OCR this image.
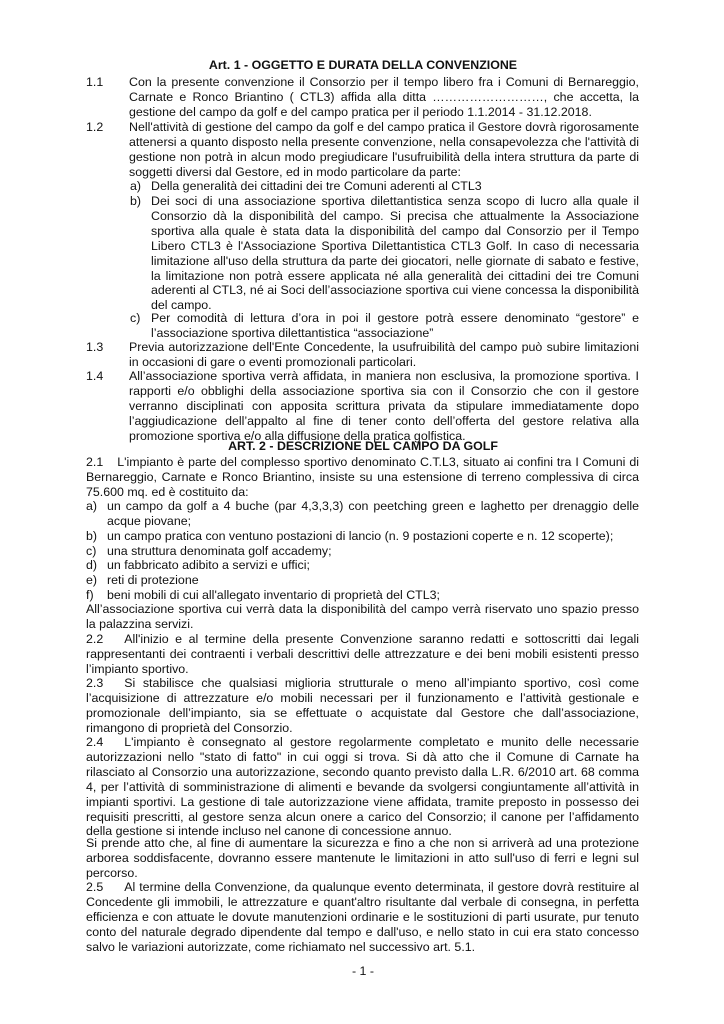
Art. 1 - OGGETTO E DURATA DELLA CONVENZIONE
1.1 Con la presente convenzione il Consorzio per il tempo libero fra i Comuni di Bernareggio, Carnate e Ronco Briantino ( CTL3) affida alla ditta ………………………, che accetta, la gestione del campo da golf e del campo pratica per il periodo 1.1.2014 - 31.12.2018.
1.2 Nell'attività di gestione del campo da golf e del campo pratica il Gestore dovrà rigorosamente attenersi a quanto disposto nella presente convenzione, nella consapevolezza che l'attività di gestione non potrà in alcun modo pregiudicare l'usufruibilità della intera struttura da parte di soggetti diversi dal Gestore, ed in modo particolare da parte:
a) Della generalità dei cittadini dei tre Comuni aderenti al CTL3
b) Dei soci di una associazione sportiva dilettantistica senza scopo di lucro alla quale il Consorzio dà la disponibilità del campo. Si precisa che attualmente la Associazione sportiva alla quale è stata data la disponibilità del campo dal Consorzio per il Tempo Libero CTL3 è l'Associazione Sportiva Dilettantistica CTL3 Golf. In caso di necessaria limitazione all'uso della struttura da parte dei giocatori, nelle giornate di sabato e festive, la limitazione non potrà essere applicata né alla generalità dei cittadini dei tre Comuni aderenti al CTL3, né ai Soci dell’associazione sportiva cui viene concessa la disponibilità del campo.
c) Per comodità di lettura d’ora in poi il gestore potrà essere denominato “gestore” e l’associazione sportiva dilettantistica “associazione”
1.3 Previa autorizzazione dell'Ente Concedente, la usufruibilità del campo può subire limitazioni in occasioni di gare o eventi promozionali particolari.
1.4 All’associazione sportiva verrà affidata, in maniera non esclusiva, la promozione sportiva. I rapporti e/o obblighi della associazione sportiva sia con il Consorzio che con il gestore verranno disciplinati con apposita scrittura privata da stipulare immediatamente dopo l’aggiudicazione dell’appalto al fine di tener conto dell’offerta del gestore relativa alla promozione sportiva e/o alla diffusione della pratica golfistica.
ART. 2 - DESCRIZIONE DEL CAMPO DA GOLF
2.1 L'impianto è parte del complesso sportivo denominato C.T.L3, situato ai confini tra I Comuni di Bernareggio, Carnate e Ronco Briantino, insiste su una estensione di terreno complessiva di circa 75.600 mq. ed è costituito da:
a) un campo da golf a 4 buche (par 4,3,3,3) con peetching green e laghetto per drenaggio delle acque piovane;
b) un campo pratica con ventuno postazioni di lancio (n. 9 postazioni coperte e n. 12 scoperte);
c) una struttura denominata golf accademy;
d) un fabbricato adibito a servizi e uffici;
e) reti di protezione
f) beni mobili di cui all'allegato inventario di proprietà del CTL3;
All’associazione sportiva cui verrà data la disponibilità del campo verrà riservato uno spazio presso la palazzina servizi.
2.2 All'inizio e al termine della presente Convenzione saranno redatti e sottoscritti dai legali rappresentanti dei contraenti i verbali descrittivi delle attrezzature e dei beni mobili esistenti presso l’impianto sportivo.
2.3 Si stabilisce che qualsiasi miglioria strutturale o meno all’impianto sportivo, così come l’acquisizione di attrezzature e/o mobili necessari per il funzionamento e l’attività gestionale e promozionale dell’impianto, sia se effettuate o acquistate dal Gestore che dall’associazione, rimangono di proprietà del Consorzio.
2.4 L'impianto è consegnato al gestore regolarmente completato e munito delle necessarie autorizzazioni nello "stato di fatto" in cui oggi si trova. Si dà atto che il Comune di Carnate ha rilasciato al Consorzio una autorizzazione, secondo quanto previsto dalla L.R. 6/2010 art. 68 comma 4, per l’attività di somministrazione di alimenti e bevande da svolgersi congiuntamente all’attività in impianti sportivi. La gestione di tale autorizzazione viene affidata, tramite preposto in possesso dei requisiti prescritti, al gestore senza alcun onere a carico del Consorzio; il canone per l’affidamento della gestione si intende incluso nel canone di concessione annuo.
Si prende atto che, al fine di aumentare la sicurezza e fino a che non si arriverà ad una protezione arborea soddisfacente, dovranno essere mantenute le limitazioni in atto sull'uso di ferri e legni sul percorso.
2.5 Al termine della Convenzione, da qualunque evento determinata, il gestore dovrà restituire al Concedente gli immobili, le attrezzature e quant'altro risultante dal verbale di consegna, in perfetta efficienza e con attuate le dovute manutenzioni ordinarie e le sostituzioni di parti usurate, pur tenuto conto del naturale degrado dipendente dal tempo e dall'uso, e nello stato in cui era stato concesso salvo le variazioni autorizzate, come richiamato nel successivo art. 5.1.
- 1 -
